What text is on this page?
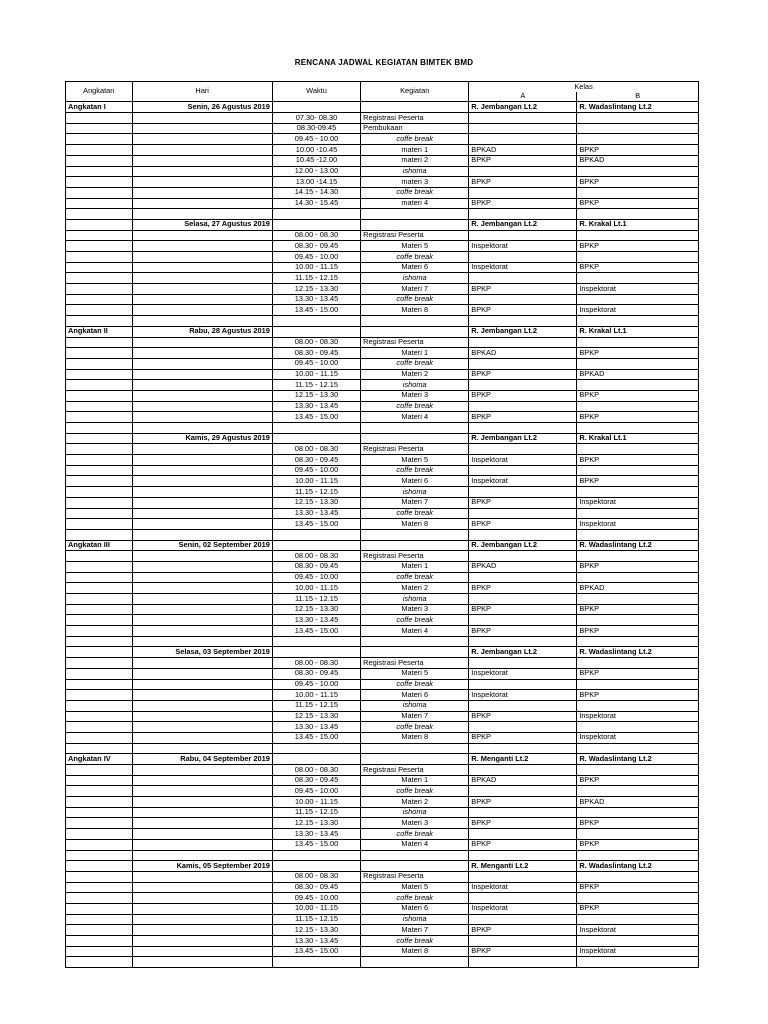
RENCANA JADWAL KEGIATAN BIMTEK BMD
Angkatan	Hari	Waktu	Kegiatan	Kelas	
				A	B
Angkatan I	Senin, 26 Agustus 2019			R. Jembangan Lt.2	R. Wadaslintang Lt.2
		07.30- 08.30	Registrasi Peserta		
		08.30-09.45	Pembukaan		
		09.45 - 10.00	coffe break		
		10.00 -10.45	materi 1	BPKAD	BPKP
		10.45 -12.00	materi 2	BPKP	BPKAD
		12.00 - 13.00	ishoma		
		13.00 -14.15	materi 3	BPKP	BPKP
		14.15 - 14.30	coffe break		
		14.30 - 15.45	materi 4	BPKP	BPKP

	Selasa, 27 Agustus 2019			R. Jembangan Lt.2	R. Krakal Lt.1
		08.00 - 08.30	Registrasi Peserta		
		08.30 - 09.45	Materi 5	Inspektorat	BPKP
		09.45 - 10.00	coffe break		
		10.00 - 11.15	Materi 6	Inspektorat	BPKP
		11.15 - 12.15	ishoma		
		12.15 - 13.30	Materi 7	BPKP	Inspektorat
		13.30 - 13.45	coffe break		
		13.45 - 15.00	Materi 8	BPKP	Inspektorat

Angkatan II	Rabu, 28 Agustus 2019			R. Jembangan Lt.2	R. Krakal Lt.1
		08.00 - 08.30	Registrasi Peserta		
		08.30 - 09.45	Materi 1	BPKAD	BPKP
		09.45 - 10.00	coffe break		
		10.00 - 11.15	Materi 2	BPKP	BPKAD
		11.15 - 12.15	ishoma		
		12.15 - 13.30	Materi 3	BPKP	BPKP
		13.30 - 13.45	coffe break		
		13.45 - 15.00	Materi 4	BPKP	BPKP

	Kamis, 29 Agustus 2019			R. Jembangan Lt.2	R. Krakal Lt.1
		08.00 - 08.30	Registrasi Peserta		
		08.30 - 09.45	Materi 5	Inspektorat	BPKP
		09.45 - 10.00	coffe break		
		10.00 - 11.15	Materi 6	Inspektorat	BPKP
		11.15 - 12.15	ishoma		
		12.15 - 13.30	Materi 7	BPKP	Inspektorat
		13.30 - 13.45	coffe break		
		13.45 - 15.00	Materi 8	BPKP	Inspektorat

Angkatan III	Senin, 02 September 2019			R. Jembangan Lt.2	R. Wadaslintang Lt.2
		08.00 - 08.30	Registrasi Peserta		
		08.30 - 09.45	Materi 1	BPKAD	BPKP
		09.45 - 10.00	coffe break		
		10.00 - 11.15	Materi 2	BPKP	BPKAD
		11.15 - 12.15	ishoma		
		12.15 - 13.30	Materi 3	BPKP	BPKP
		13.30 - 13.45	coffe break		
		13.45 - 15.00	Materi 4	BPKP	BPKP

	Selasa, 03 September 2019			R. Jembangan Lt.2	R. Wadaslintang Lt.2
		08.00 - 08.30	Registrasi Peserta		
		08.30 - 09.45	Materi 5	Inspektorat	BPKP
		09.45 - 10.00	coffe break		
		10.00 - 11.15	Materi 6	Inspektorat	BPKP
		11.15 - 12.15	ishoma		
		12.15 - 13.30	Materi 7	BPKP	Inspektorat
		13.30 - 13.45	coffe break		
		13.45 - 15.00	Materi 8	BPKP	Inspektorat

Angkatan IV	Rabu, 04 September 2019			R. Menganti Lt.2	R. Wadaslintang Lt.2
		08.00 - 08.30	Registrasi Peserta		
		08.30 - 09.45	Materi 1	BPKAD	BPKP
		09.45 - 10.00	coffe break		
		10.00 - 11.15	Materi 2	BPKP	BPKAD
		11.15 - 12.15	ishoma		
		12.15 - 13.30	Materi 3	BPKP	BPKP
		13.30 - 13.45	coffe break		
		13.45 - 15.00	Materi 4	BPKP	BPKP

	Kamis, 05 September 2019			R. Menganti Lt.2	R. Wadaslintang Lt.2
		08.00 - 08.30	Registrasi Peserta		
		08.30 - 09.45	Materi 5	Inspektorat	BPKP
		09.45 - 10.00	coffe break		
		10.00 - 11.15	Materi 6	Inspektorat	BPKP
		11.15 - 12.15	ishoma		
		12.15 - 13.30	Materi 7	BPKP	Inspektorat
		13.30 - 13.45	coffe break		
		13.45 - 15.00	Materi 8	BPKP	Inspektorat
